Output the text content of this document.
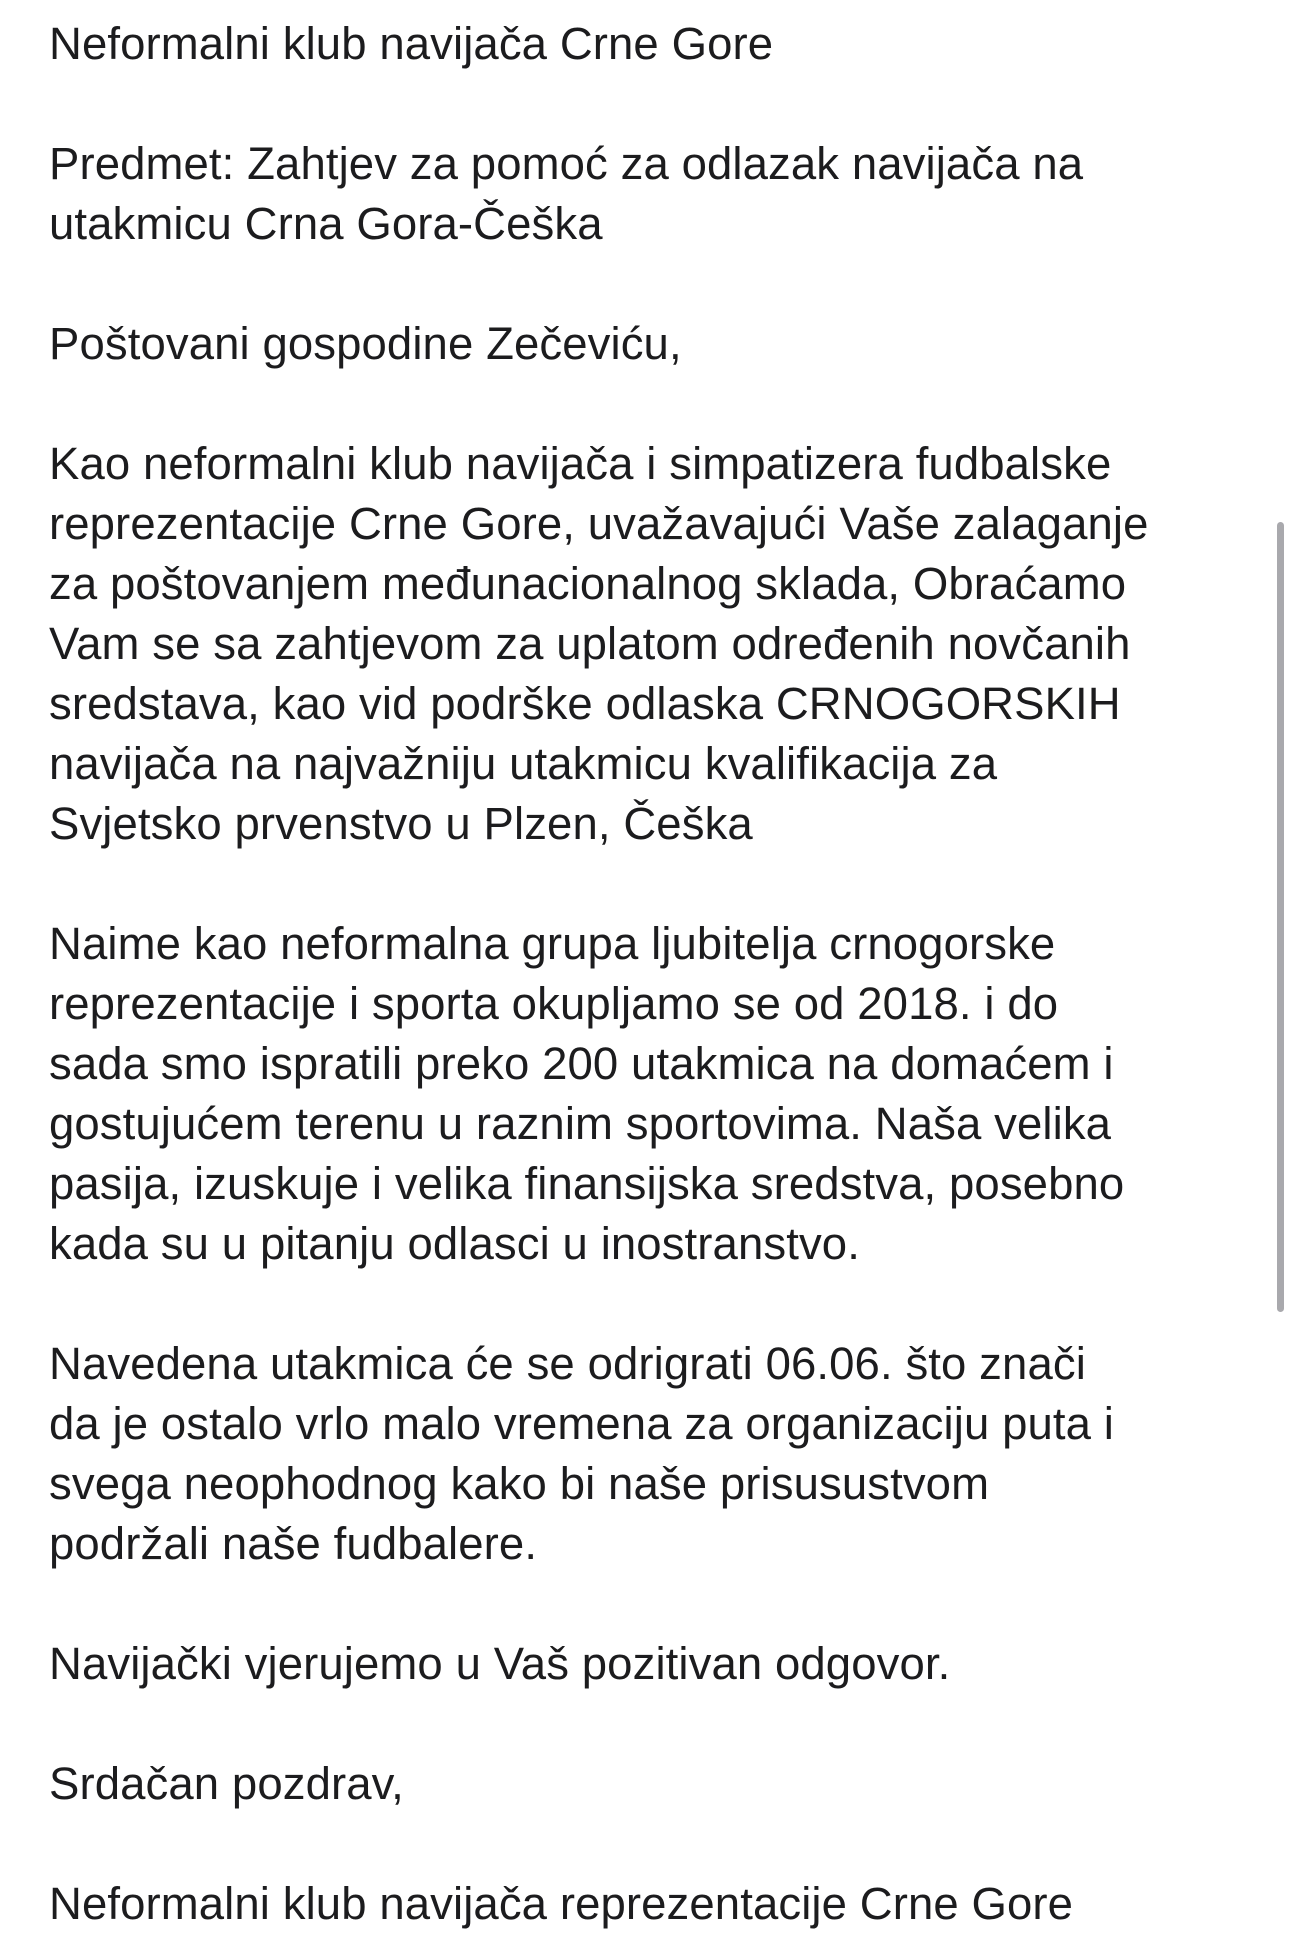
Neformalni klub navijača Crne Gore

Predmet: Zahtjev za pomoć za odlazak navijača na
utakmicu Crna Gora-Češka

Poštovani gospodine Zečeviću,

Kao neformalni klub navijača i simpatizera fudbalske
reprezentacije Crne Gore, uvažavajući Vaše zalaganje
za poštovanjem međunacionalnog sklada, Obraćamo
Vam se sa zahtjevom za uplatom određenih novčanih
sredstava, kao vid podrške odlaska CRNOGORSKIH
navijača na najvažniju utakmicu kvalifikacija za
Svjetsko prvenstvo u Plzen, Češka

Naime kao neformalna grupa ljubitelja crnogorske
reprezentacije i sporta okupljamo se od 2018. i do
sada smo ispratili preko 200 utakmica na domaćem i
gostujućem terenu u raznim sportovima. Naša velika
pasija, izuskuje i velika finansijska sredstva, posebno
kada su u pitanju odlasci u inostranstvo.

Navedena utakmica će se odrigrati 06.06. što znači
da je ostalo vrlo malo vremena za organizaciju puta i
svega neophodnog kako bi naše prisusustvom
podržali naše fudbalere.

Navijački vjerujemo u Vaš pozitivan odgovor.

Srdačan pozdrav,

Neformalni klub navijača reprezentacije Crne Gore
